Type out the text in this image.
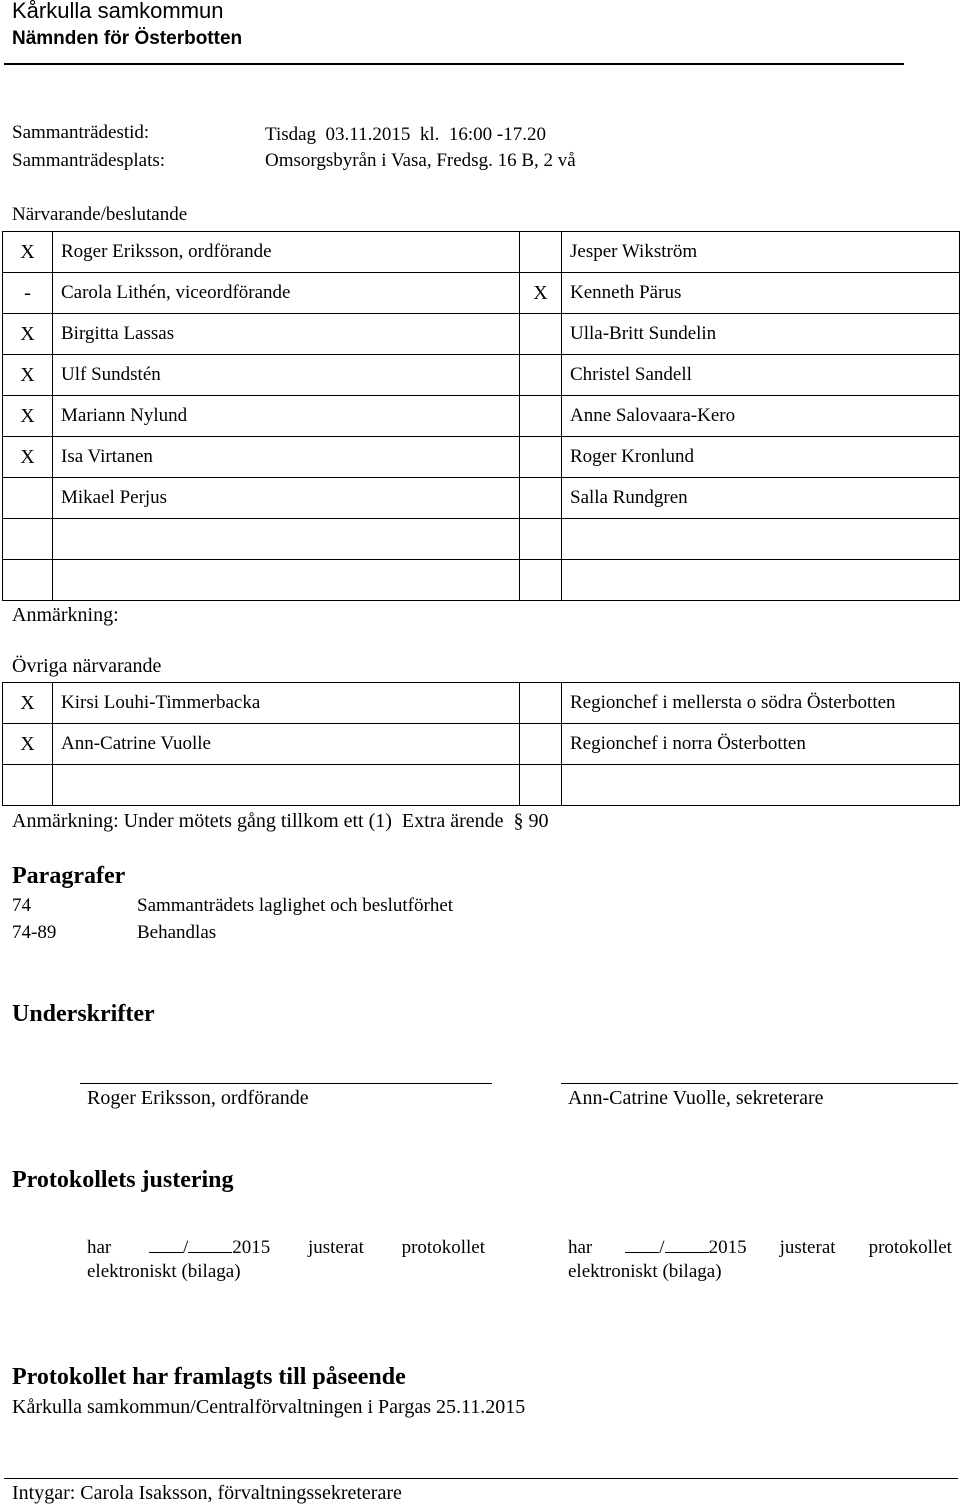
Kårkulla samkommun
Nämnden för Österbotten
Sammanträdestid:	Tisdag  03.11.2015  kl.  16:00 -17.20
Sammanträdesplats:	Omsorgsbyrån i Vasa, Fredsg. 16 B, 2 vå
Närvarande/beslutande
X	Roger Eriksson, ordförande		Jesper Wikström
-	Carola Lithén, viceordförande	X	Kenneth Pärus
X	Birgitta Lassas		Ulla-Britt Sundelin
X	Ulf Sundstén		Christel Sandell
X	Mariann Nylund		Anne Salovaara-Kero
X	Isa Virtanen		Roger Kronlund
	Mikael Perjus		Salla Rundgren

Anmärkning:
Övriga närvarande
X	Kirsi Louhi-Timmerbacka		Regionchef i mellersta o södra Österbotten
X	Ann-Catrine Vuolle		Regionchef i norra Österbotten

Anmärkning: Under mötets gång tillkom ett (1)  Extra ärende  § 90
Paragrafer
74	Sammanträdets laglighet och beslutförhet
74-89	Behandlas
Underskrifter
Roger Eriksson, ordförande	Ann-Catrine Vuolle, sekreterare
Protokollets justering
har	/ 2015 justerat protokollet
elektroniskt (bilaga)
har	/ 2015 justerat protokollet
elektroniskt (bilaga)
Protokollet har framlagts till påseende
Kårkulla samkommun/Centralförvaltningen i Pargas 25.11.2015
Intygar: Carola Isaksson, förvaltningssekreterare
